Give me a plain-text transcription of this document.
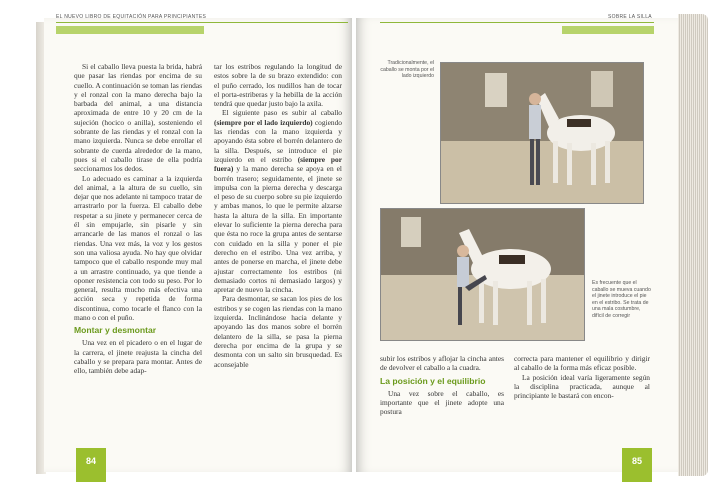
EL NUEVO LIBRO DE EQUITACIÓN PARA PRINCIPIANTES

Si el caballo lleva puesta la brida, habrá que pasar las riendas por encima de su cuello. A continuación se toman las riendas y el ronzal con la mano derecha bajo la barbada del animal, a una distancia aproximada de entre 10 y 20 cm de la sujeción (hocico o anilla), sosteniendo el sobrante de las riendas y el ronzal con la mano izquierda. Nunca se debe enrollar el sobrante de cuerda alrededor de la mano, pues si el caballo tirase de ella podría seccionarnos los dedos.

Lo adecuado es caminar a la izquierda del animal, a la altura de su cuello, sin dejar que nos adelante ni tampoco tratar de arrastrarlo por la fuerza. El caballo debe respetar a su jinete y permanecer cerca de él sin empujarle, sin pisarle y sin arrancarle de las manos el ronzal o las riendas. Una vez más, la voz y los gestos son una valiosa ayuda. No hay que olvidar tampoco que el caballo responde muy mal a un arrastre continuado, ya que tiende a oponer resistencia con todo su peso. Por lo general, resulta mucho más efectiva una acción seca y repetida de forma discontinua, como tocarle el flanco con la mano o con el puño.

Montar y desmontar

Una vez en el picadero o en el lugar de la carrera, el jinete reajusta la cincha del caballo y se prepara para montar. Antes de ello, también debe adap-

tar los estribos regulando la longitud de estos sobre la de su brazo extendido: con el puño cerrado, los nudillos han de tocar el porta-estriberas y la hebilla de la acción tendrá que quedar justo bajo la axila.

El siguiente paso es subir al caballo (siempre por el lado izquierdo) cogiendo las riendas con la mano izquierda y apoyando ésta sobre el borrén delantero de la silla. Después, se introduce el pie izquierdo en el estribo (siempre por fuera) y la mano derecha se apoya en el borrén trasero; seguidamente, el jinete se impulsa con la pierna derecha y descarga el peso de su cuerpo sobre su pie izquierdo y ambas manos, lo que le permite alzarse hasta la altura de la silla. En importante elevar lo suficiente la pierna derecha para que ésta no roce la grupa antes de sentarse con cuidado en la silla y poner el pie derecho en el estribo. Una vez arriba, y antes de ponerse en marcha, el jinete debe ajustar correctamente los estribos (ni demasiado cortos ni demasiado largos) y apretar de nuevo la cincha.

Para desmontar, se sacan los pies de los estribos y se cogen las riendas con la mano izquierda. Inclinándose hacia delante y apoyando las dos manos sobre el borrén delantero de la silla, se pasa la pierna derecha por encima de la grupa y se desmonta con un salto sin brusquedad. Es aconsejable

84
SOBRE LA SILLA
Tradicionalmente, el caballo se monta por el lado izquierdo
Es frecuente que el caballo se mueva cuando el jinete introduce el pie en el estribo. Se trata de una mala costumbre, difícil de corregir

subir los estribos y aflojar la cincha antes de devolver el caballo a la cuadra.

La posición y el equilibrio

Una vez sobre el caballo, es importante que el jinete adopte una postura

correcta para mantener el equilibrio y dirigir al caballo de la forma más eficaz posible.

La posición ideal varía ligeramente según la disciplina practicada, aunque al principiante le bastará con encon-

85
